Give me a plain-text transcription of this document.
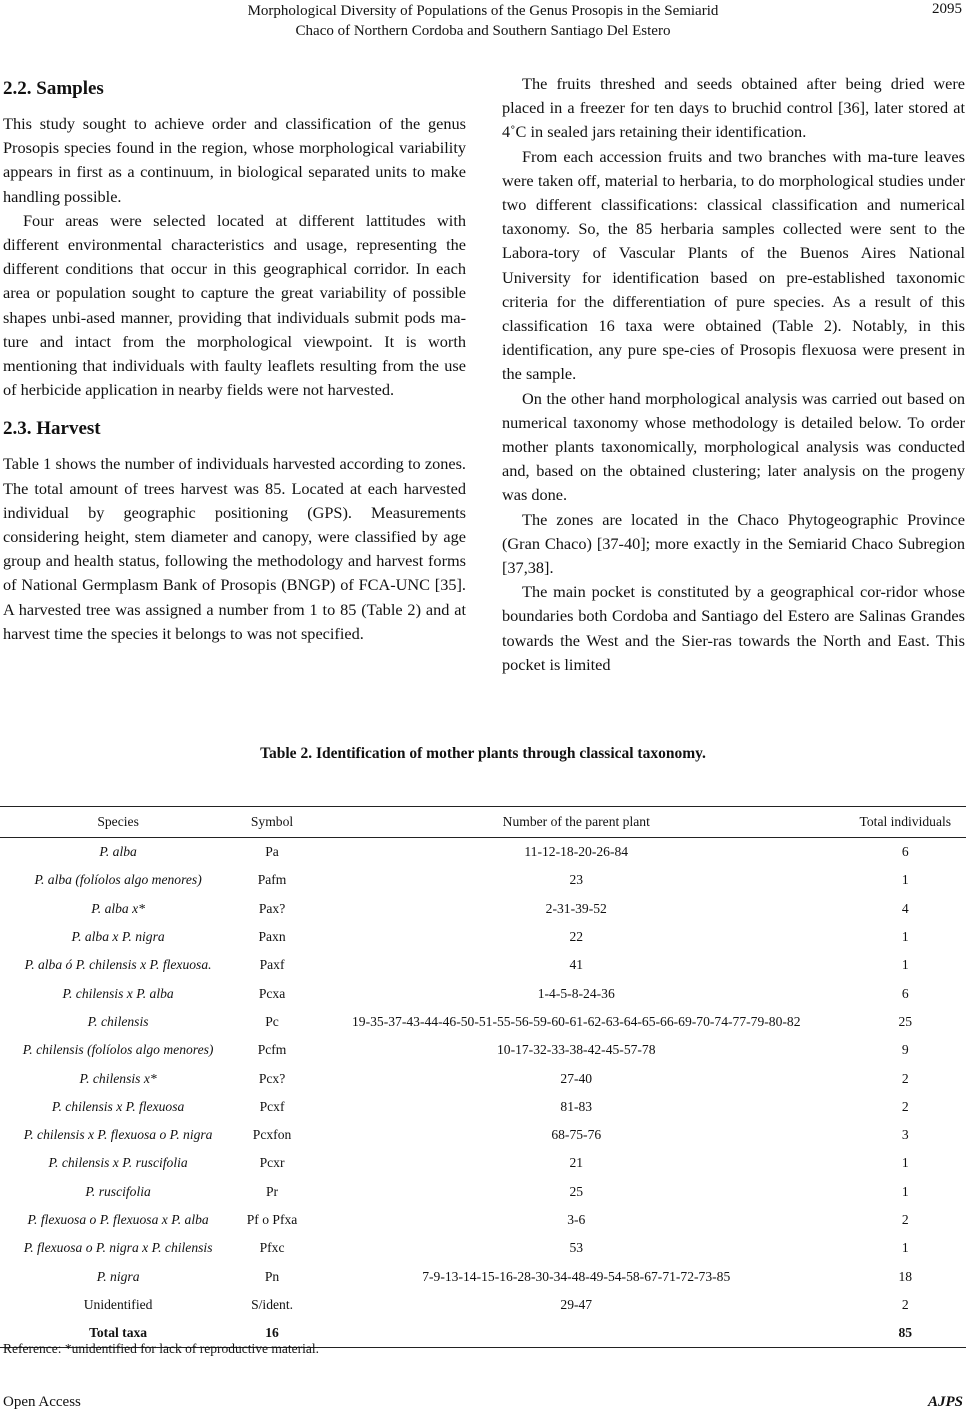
Morphological Diversity of Populations of the Genus Prosopis in the Semiarid
Chaco of Northern Cordoba and Southern Santiago Del Estero
2095
2.2. Samples

This study sought to achieve order and classification of the genus Prosopis species found in the region, whose morphological variability appears in first as a continuum, in biological separated units to make handling possible.

Four areas were selected located at different lattitudes with different environmental characteristics and usage, representing the different conditions that occur in this geographical corridor. In each area or population sought to capture the great variability of possible shapes unbi-ased manner, providing that individuals submit pods ma-ture and intact from the morphological viewpoint. It is worth mentioning that individuals with faulty leaflets resulting from the use of herbicide application in nearby fields were not harvested.

2.3. Harvest

Table 1 shows the number of individuals harvested according to zones. The total amount of trees harvest was 85. Located at each harvested individual by geographic positioning (GPS). Measurements considering height, stem diameter and canopy, were classified by age group and health status, following the methodology and harvest forms of National Germplasm Bank of Prosopis (BNGP) of FCA-UNC [35]. A harvested tree was assigned a number from 1 to 85 (Table 2) and at harvest time the species it belongs to was not specified.

The fruits threshed and seeds obtained after being dried were placed in a freezer for ten days to bruchid control [36], later stored at 4˚C in sealed jars retaining their identification.

From each accession fruits and two branches with ma-ture leaves were taken off, material to herbaria, to do morphological studies under two different classifications: classical classification and numerical taxonomy. So, the 85 herbaria samples collected were sent to the Labora-tory of Vascular Plants of the Buenos Aires National University for identification based on pre-established taxonomic criteria for the differentiation of pure species. As a result of this classification 16 taxa were obtained (Table 2). Notably, in this identification, any pure spe-cies of Prosopis flexuosa were present in the sample.

On the other hand morphological analysis was carried out based on numerical taxonomy whose methodology is detailed below. To order mother plants taxonomically, morphological analysis was conducted and, based on the obtained clustering; later analysis on the progeny was done.

The zones are located in the Chaco Phytogeographic Province (Gran Chaco) [37-40]; more exactly in the Semiarid Chaco Subregion [37,38].

The main pocket is constituted by a geographical cor-ridor whose boundaries both Cordoba and Santiago del Estero are Salinas Grandes towards the West and the Sier-ras towards the North and East. This pocket is limited

Table 2. Identification of mother plants through classical taxonomy.
Species	Symbol	Number of the parent plant	Total individuals
P. alba	Pa	11-12-18-20-26-84	6
P. alba (folíolos algo menores)	Pafm	23	1
P. alba x*	Pax?	2-31-39-52	4
P. alba x P. nigra	Paxn	22	1
P. alba ó P. chilensis x P. flexuosa.	Paxf	41	1
P. chilensis x P. alba	Pcxa	1-4-5-8-24-36	6
P. chilensis	Pc	19-35-37-43-44-46-50-51-55-56-59-60-61-62-63-64-65-66-69-70-74-77-79-80-82	25
P. chilensis (folíolos algo menores)	Pcfm	10-17-32-33-38-42-45-57-78	9
P. chilensis x*	Pcx?	27-40	2
P. chilensis x P. flexuosa	Pcxf	81-83	2
P. chilensis x P. flexuosa o P. nigra	Pcxfon	68-75-76	3
P. chilensis x P. ruscifolia	Pcxr	21	1
P. ruscifolia	Pr	25	1
P. flexuosa o P. flexuosa x P. alba	Pf o Pfxa	3-6	2
P. flexuosa o P. nigra x P. chilensis	Pfxc	53	1
P. nigra	Pn	7-9-13-14-15-16-28-30-34-48-49-54-58-67-71-72-73-85	18
Unidentified	S/ident.	29-47	2
Total taxa	16		85
Reference: *unidentified for lack of reproductive material.
Open Access	AJPS
